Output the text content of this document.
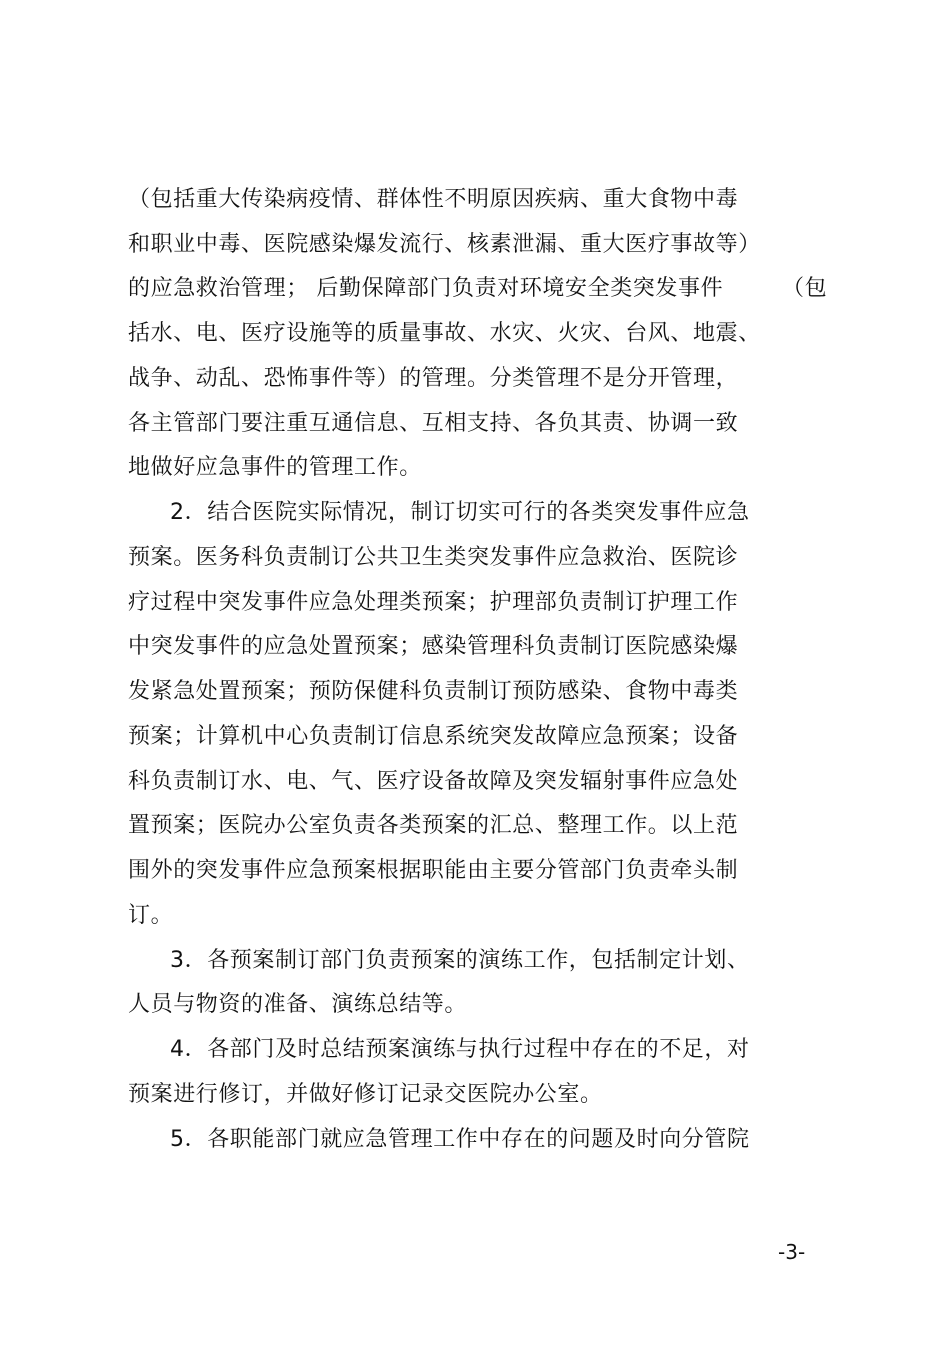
（包括重大传染病疫情、群体性不明原因疾病、重大食物中毒
和职业中毒、医院感染爆发流行、核素泄漏、重大医疗事故等）
的应急救治管理； 后勤保障部门负责对环境安全类突发事件	（包
括水、电、医疗设施等的质量事故、水灾、火灾、台风、地震、
战争、动乱、恐怖事件等）的管理。分类管理不是分开管理，
各主管部门要注重互通信息、互相支持、各负其责、协调一致
地做好应急事件的管理工作。
2．结合医院实际情况，制订切实可行的各类突发事件应急
预案。医务科负责制订公共卫生类突发事件应急救治、医院诊
疗过程中突发事件应急处理类预案；护理部负责制订护理工作
中突发事件的应急处置预案；感染管理科负责制订医院感染爆
发紧急处置预案；预防保健科负责制订预防感染、食物中毒类
预案；计算机中心负责制订信息系统突发故障应急预案；设备
科负责制订水、电、气、医疗设备故障及突发辐射事件应急处
置预案；医院办公室负责各类预案的汇总、整理工作。以上范
围外的突发事件应急预案根据职能由主要分管部门负责牵头制
订。
3．各预案制订部门负责预案的演练工作，包括制定计划、
人员与物资的准备、演练总结等。
4．各部门及时总结预案演练与执行过程中存在的不足，对
预案进行修订，并做好修订记录交医院办公室。
5．各职能部门就应急管理工作中存在的问题及时向分管院
-3-
